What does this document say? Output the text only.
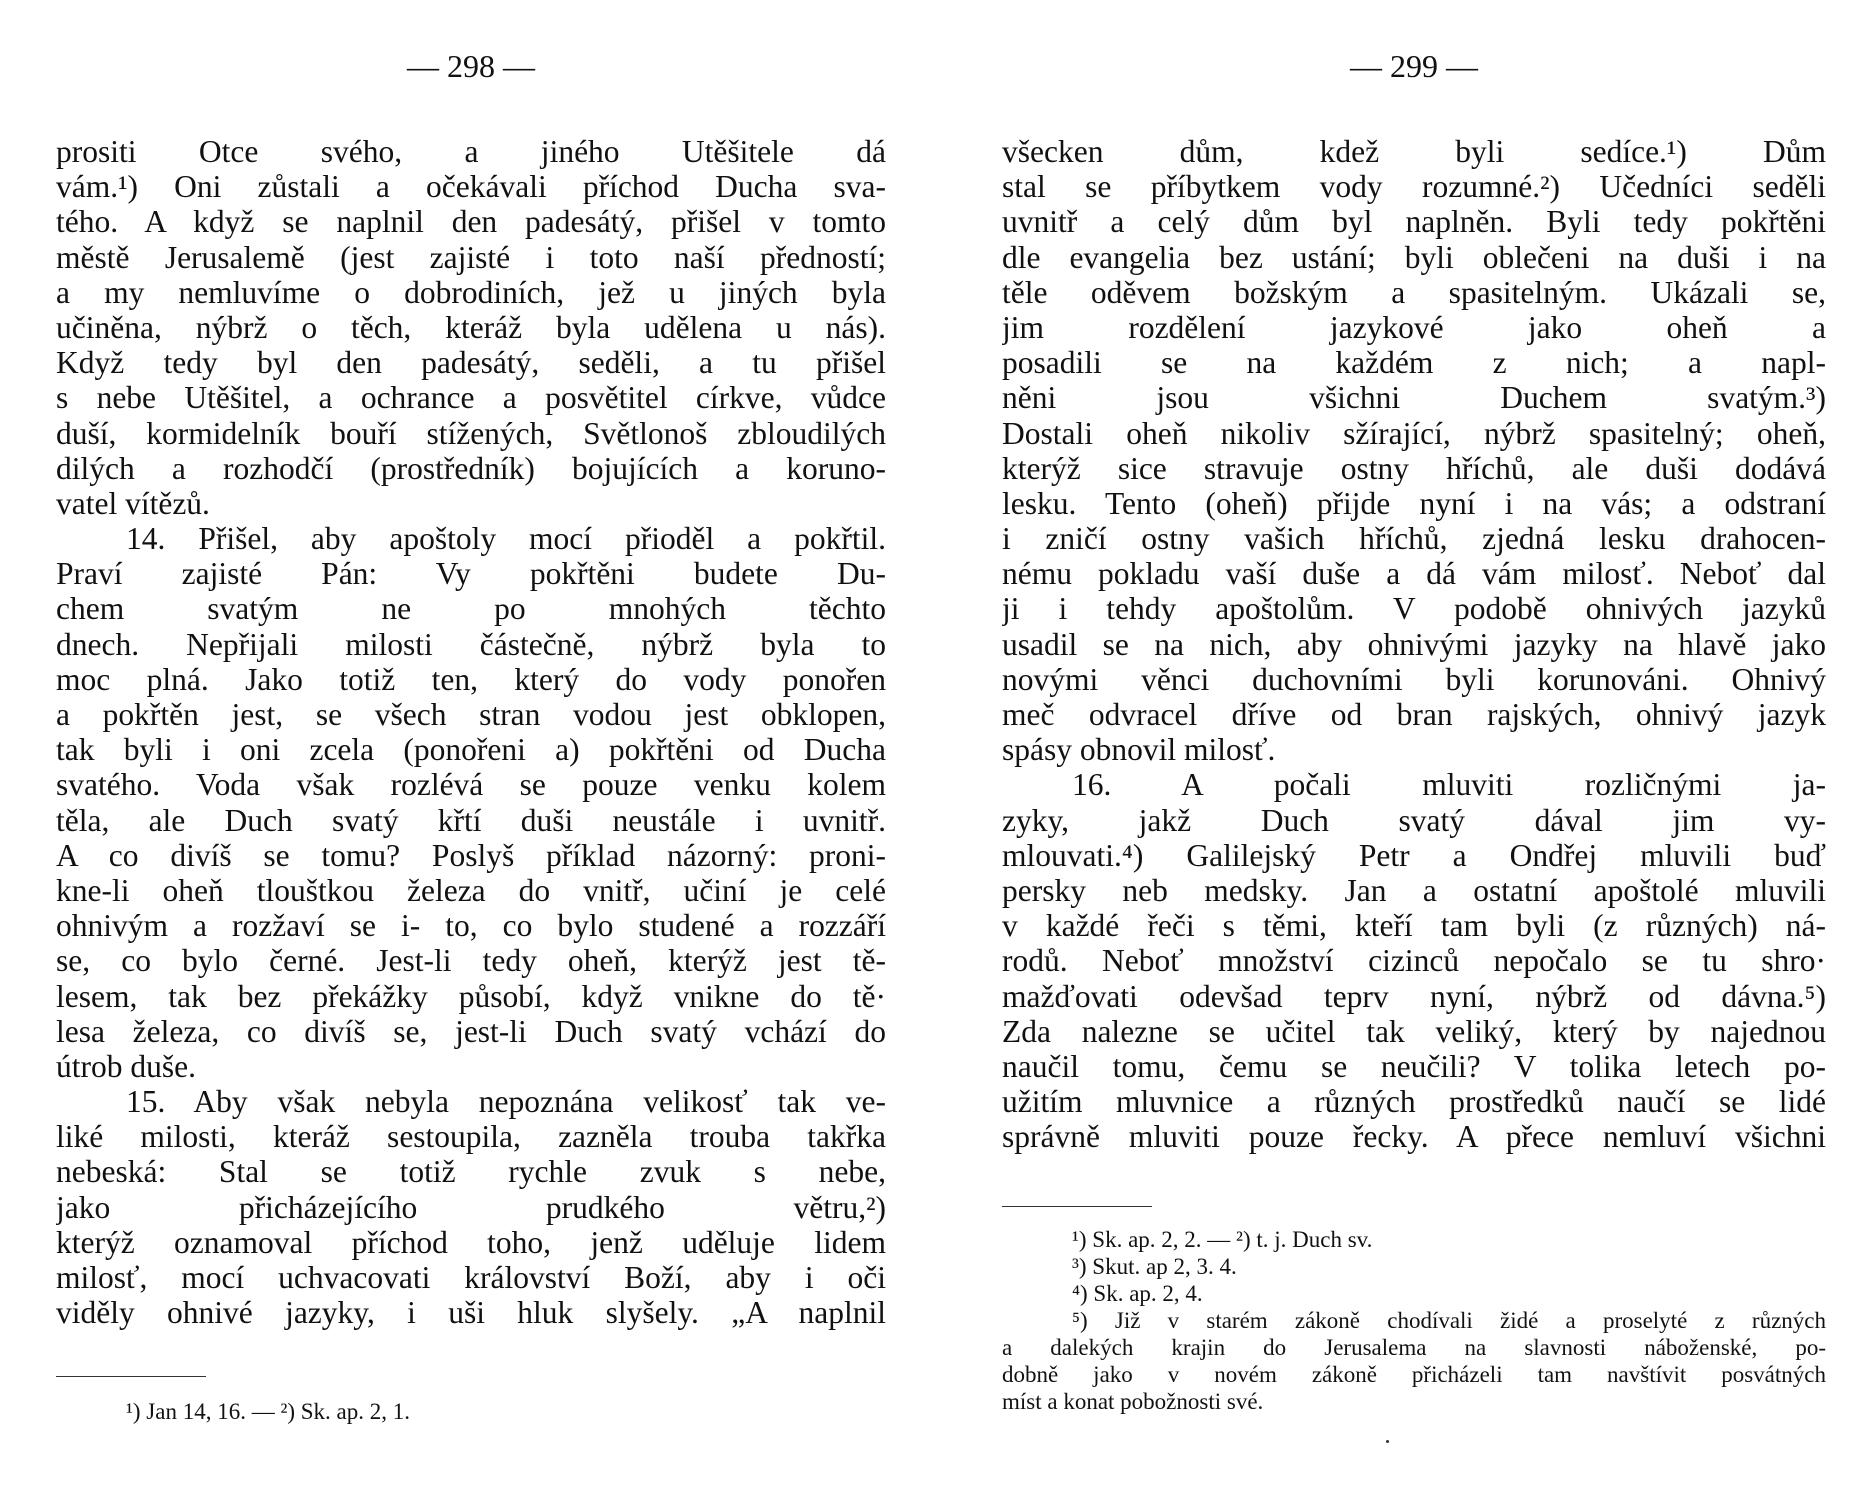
— 298 —
prositi Otce svého, a jiného Utěšitele dá
vám.¹) Oni zůstali a očekávali příchod Ducha sva-
tého. A když se naplnil den padesátý, přišel v tomto
městě Jerusalemě (jest zajisté i toto naší předností;
a my nemluvíme o dobrodiních, jež u jiných byla
učiněna, nýbrž o těch, kteráž byla udělena u nás).
Když tedy byl den padesátý, seděli, a tu přišel
s nebe Utěšitel, a ochrance a posvětitel církve, vůdce
duší, kormidelník bouří stížených, Světlonoš zbloudilých
dilých a rozhodčí (prostředník) bojujících a koruno-
vatel vítězů.
14. Přišel, aby apoštoly mocí přioděl a pokřtil.
Praví zajisté Pán: Vy pokřtěni budete Du-
chem svatým ne po mnohých těchto
dnech. Nepřijali milosti částečně, nýbrž byla to
moc plná. Jako totiž ten, který do vody ponořen
a pokřtěn jest, se všech stran vodou jest obklopen,
tak byli i oni zcela (ponořeni a) pokřtěni od Ducha
svatého. Voda však rozlévá se pouze venku kolem
těla, ale Duch svatý křtí duši neustále i uvnitř.
A co divíš se tomu? Poslyš příklad názorný: proni-
kne-li oheň tlouštkou železa do vnitř, učiní je celé
ohnivým a rozžaví se i- to, co bylo studené a rozzáří
se, co bylo černé. Jest-li tedy oheň, kterýž jest tě-
lesem, tak bez překážky působí, když vnikne do tě·
lesa železa, co divíš se, jest-li Duch svatý vchází do
útrob duše.
15. Aby však nebyla nepoznána velikosť tak ve-
liké milosti, kteráž sestoupila, zazněla trouba takřka
nebeská: Stal se totiž rychle zvuk s nebe,
jako přicházejícího prudkého větru,²)
kterýž oznamoval příchod toho, jenž uděluje lidem
milosť, mocí uchvacovati království Boží, aby i oči
viděly ohnivé jazyky, i uši hluk slyšely. „A naplnil
¹) Jan 14, 16. — ²) Sk. ap. 2, 1.
— 299 —
všecken dům, kdež byli sedíce.¹) Dům
stal se příbytkem vody rozumné.²) Učedníci seděli
uvnitř a celý dům byl naplněn. Byli tedy pokřtěni
dle evangelia bez ustání; byli oblečeni na duši i na
těle oděvem božským a spasitelným. Ukázali se,
jim rozdělení jazykové jako oheň a
posadili se na každém z nich; a napl-
něni jsou všichni Duchem svatým.³)
Dostali oheň nikoliv sžírající, nýbrž spasitelný; oheň,
kterýž sice stravuje ostny hříchů, ale duši dodává
lesku. Tento (oheň) přijde nyní i na vás; a odstraní
i zničí ostny vašich hříchů, zjedná lesku drahocen-
nému pokladu vaší duše a dá vám milosť. Neboť dal
ji i tehdy apoštolům. V podobě ohnivých jazyků
usadil se na nich, aby ohnivými jazyky na hlavě jako
novými věnci duchovními byli korunováni. Ohnivý
meč odvracel dříve od bran rajských, ohnivý jazyk
spásy obnovil milosť.
16. A počali mluviti rozličnými ja-
zyky, jakž Duch svatý dával jim vy-
mlouvati.⁴) Galilejský Petr a Ondřej mluvili buď
persky neb medsky. Jan a ostatní apoštolé mluvili
v každé řeči s těmi, kteří tam byli (z různých) ná-
rodů. Neboť množství cizinců nepočalo se tu shro·
mažďovati odevšad teprv nyní, nýbrž od dávna.⁵)
Zda nalezne se učitel tak veliký, který by najednou
naučil tomu, čemu se neučili? V tolika letech po-
užitím mluvnice a různých prostředků naučí se lidé
správně mluviti pouze řecky. A přece nemluví všichni
¹) Sk. ap. 2, 2. — ²) t. j. Duch sv.
³) Skut. ap 2, 3. 4.
⁴) Sk. ap. 2, 4.
⁵) Již v starém zákoně chodívali židé a proselyté z různých
a dalekých krajin do Jerusalema na slavnosti náboženské, po-
dobně jako v novém zákoně přicházeli tam navštívit posvátných
míst a konat pobožnosti své.
